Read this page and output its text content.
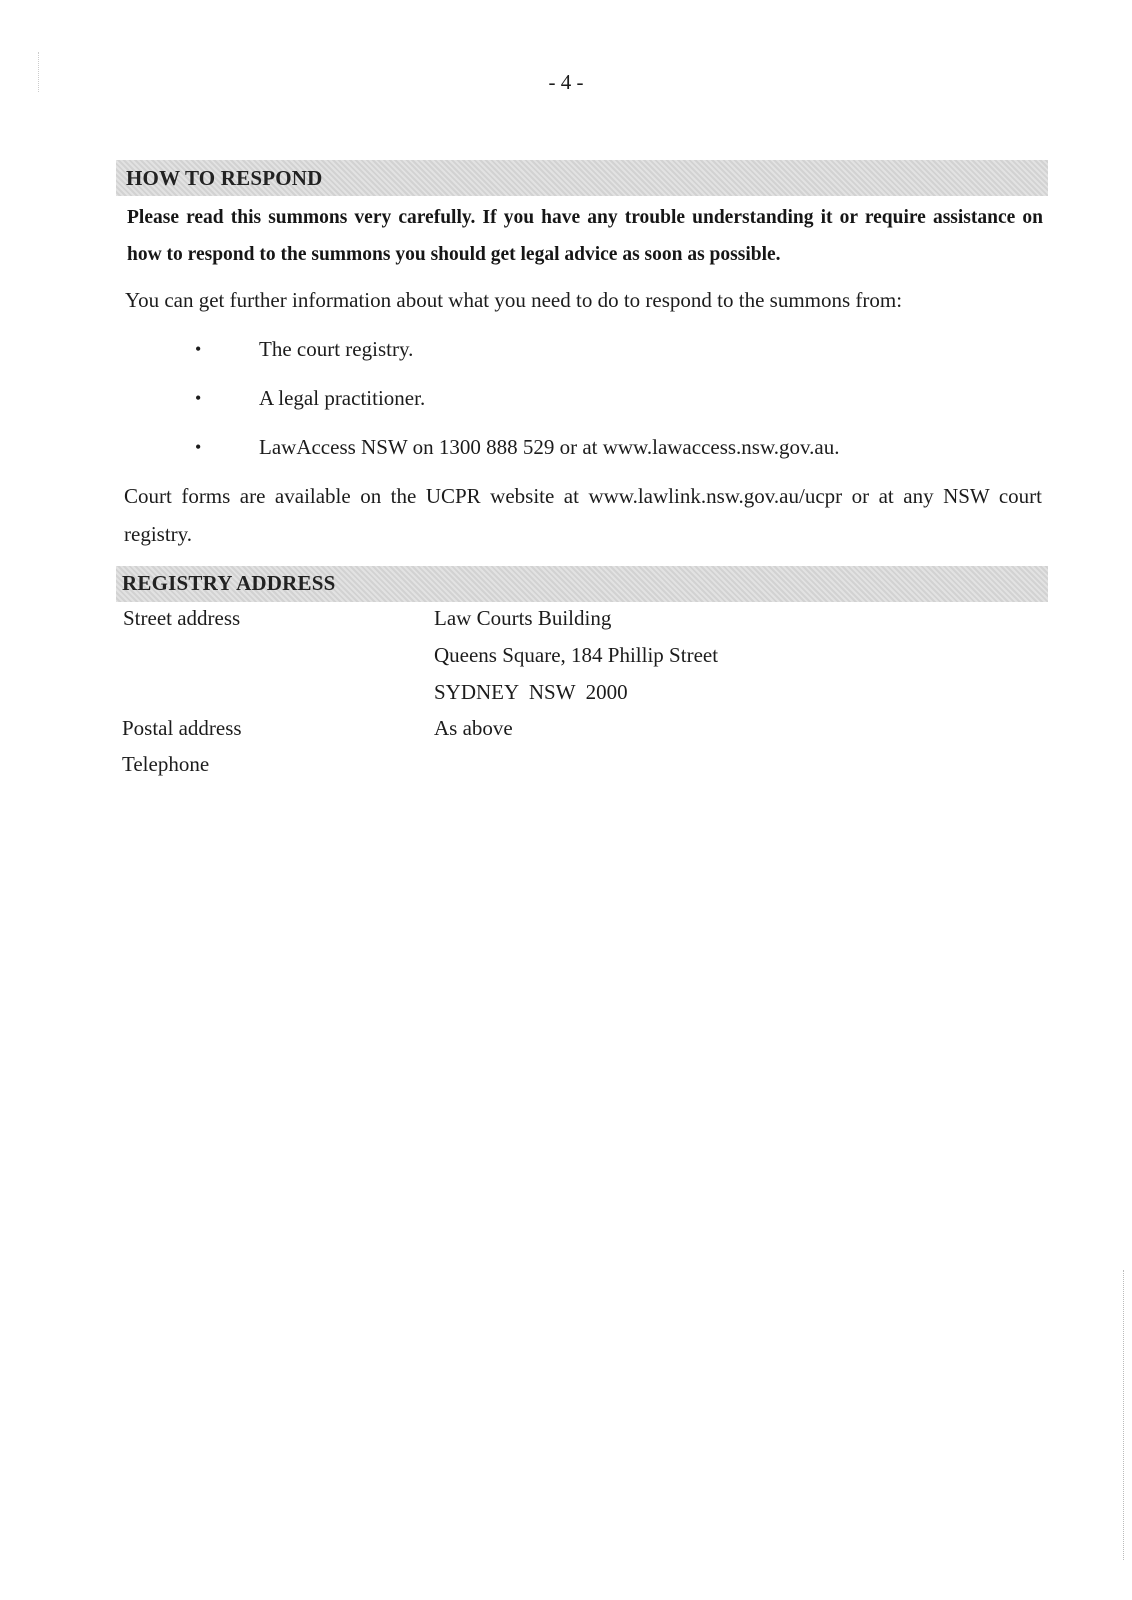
- 4 -
HOW TO RESPOND
Please read this summons very carefully. If you have any trouble understanding it or require assistance on how to respond to the summons you should get legal advice as soon as possible.
You can get further information about what you need to do to respond to the summons from:
•	The court registry.
•	A legal practitioner.
•	LawAccess NSW on 1300 888 529 or at www.lawaccess.nsw.gov.au.
Court forms are available on the UCPR website at www.lawlink.nsw.gov.au/ucpr or at any NSW court registry.
REGISTRY ADDRESS
Street address	Law Courts Building
Queens Square, 184 Phillip Street
SYDNEY  NSW  2000
Postal address	As above
Telephone
